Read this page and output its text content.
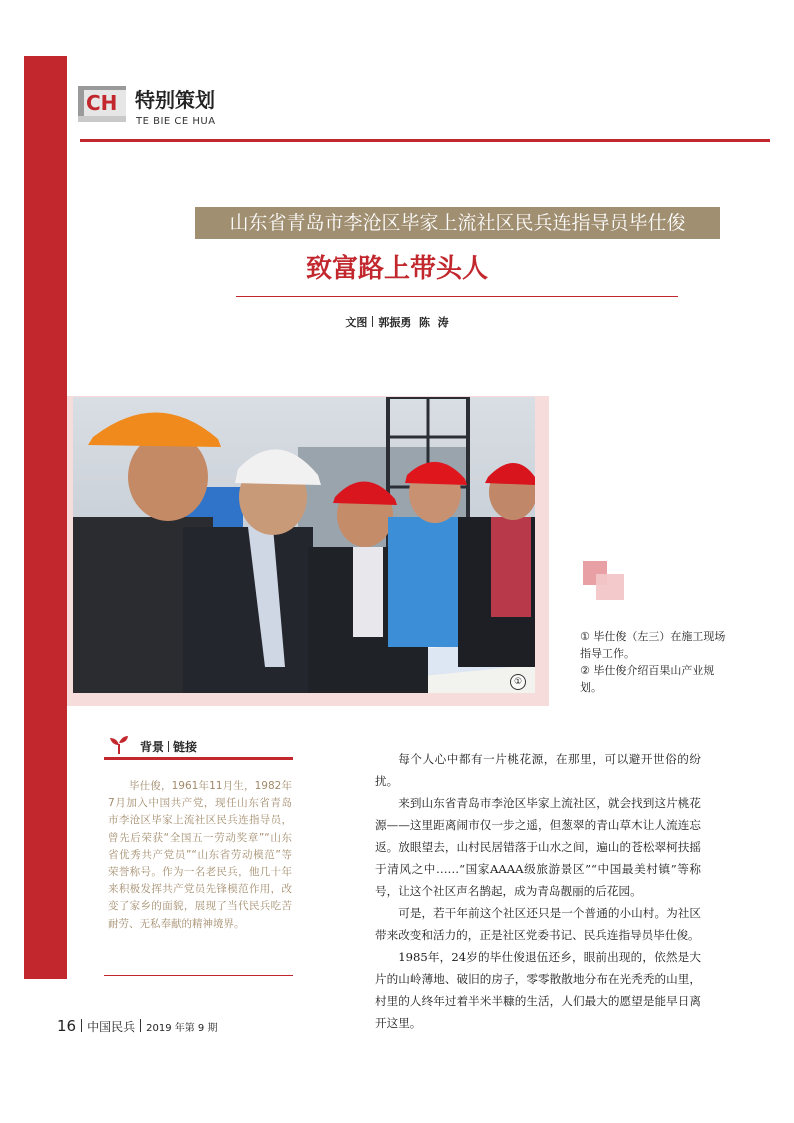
CH 特别策划
TE BIE CE HUA
山东省青岛市李沧区毕家上流社区民兵连指导员毕仕俊
致富路上带头人
文图 郭振勇  陈  涛
①
① 毕仕俊（左三）在施工现场指导工作。
② 毕仕俊介绍百果山产业规划。
背景 链接
毕仕俊，1961年11月生，1982年7月加入中国共产党，现任山东省青岛市李沧区毕家上流社区民兵连指导员，曾先后荣获“全国五一劳动奖章”“山东省优秀共产党员”“山东省劳动模范”等荣誉称号。作为一名老民兵，他几十年来积极发挥共产党员先锋模范作用，改变了家乡的面貌，展现了当代民兵吃苦耐劳、无私奉献的精神境界。

每个人心中都有一片桃花源，在那里，可以避开世俗的纷扰。

来到山东省青岛市李沧区毕家上流社区，就会找到这片桃花源——这里距离闹市仅一步之遥，但葱翠的青山草木让人流连忘返。放眼望去，山村民居错落于山水之间，遍山的苍松翠柯扶摇于清风之中……“国家AAAA级旅游景区”“中国最美村镇”等称号，让这个社区声名鹊起，成为青岛靓丽的后花园。

可是，若干年前这个社区还只是一个普通的小山村。为社区带来改变和活力的，正是社区党委书记、民兵连指导员毕仕俊。

1985年，24岁的毕仕俊退伍还乡，眼前出现的，依然是大片的山岭薄地、破旧的房子，零零散散地分布在光秃秃的山里，村里的人终年过着半米半糠的生活，人们最大的愿望是能早日离开这里。

16 中国民兵 2019 年第 9 期
